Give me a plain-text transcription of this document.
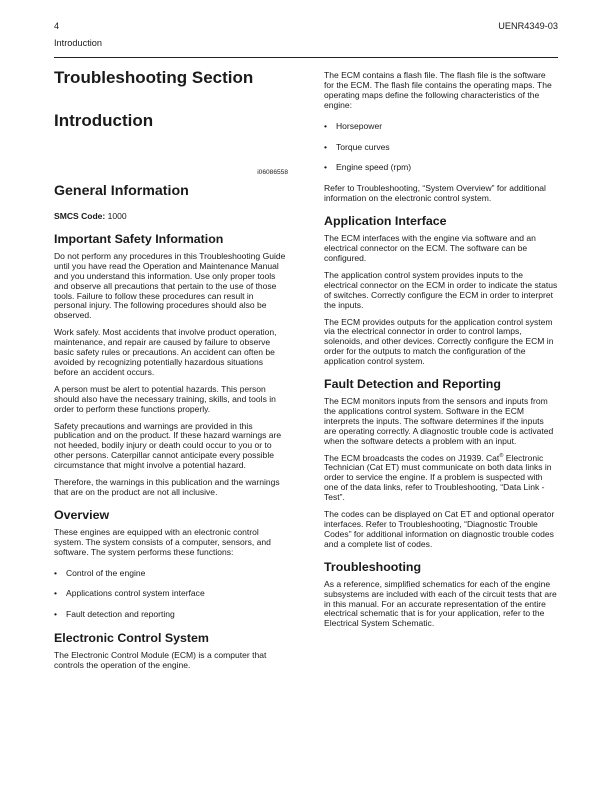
4	UENR4349-03
Introduction
Troubleshooting Section
Introduction
i06086558
General Information

SMCS Code: 1000

Important Safety Information

Do not perform any procedures in this Troubleshooting Guide until you have read the Operation and Maintenance Manual and you understand this information. Use only proper tools and observe all precautions that pertain to the use of those tools. Failure to follow these procedures can result in personal injury. The following procedures should also be observed.

Work safely. Most accidents that involve product operation, maintenance, and repair are caused by failure to observe basic safety rules or precautions. An accident can often be avoided by recognizing potentially hazardous situations before an accident occurs.

A person must be alert to potential hazards. This person should also have the necessary training, skills, and tools in order to perform these functions properly.

Safety precautions and warnings are provided in this publication and on the product. If these hazard warnings are not heeded, bodily injury or death could occur to you or to other persons. Caterpillar cannot anticipate every possible circumstance that might involve a potential hazard.

Therefore, the warnings in this publication and the warnings that are on the product are not all inclusive.

Overview

These engines are equipped with an electronic control system. The system consists of a computer, sensors, and software. The system performs these functions:

• Control of the engine
• Applications control system interface
• Fault detection and reporting
Electronic Control System

The Electronic Control Module (ECM) is a computer that controls the operation of the engine.

The ECM contains a flash file. The flash file is the software for the ECM. The flash file contains the operating maps. The operating maps define the following characteristics of the engine:

• Horsepower
• Torque curves
• Engine speed (rpm)

Refer to Troubleshooting, “System Overview” for additional information on the electronic control system.

Application Interface

The ECM interfaces with the engine via software and an electrical connector on the ECM. The software can be configured.

The application control system provides inputs to the electrical connector on the ECM in order to indicate the status of switches. Correctly configure the ECM in order to interpret the inputs.

The ECM provides outputs for the application control system via the electrical connector in order to control lamps, solenoids, and other devices. Correctly configure the ECM in order for the outputs to match the configuration of the application control system.

Fault Detection and Reporting

The ECM monitors inputs from the sensors and inputs from the applications control system. Software in the ECM interprets the inputs. The software determines if the inputs are operating correctly. A diagnostic trouble code is activated when the software detects a problem with an input.

The ECM broadcasts the codes on J1939. Cat® Electronic Technician (Cat ET) must communicate on both data links in order to service the engine. If a problem is suspected with one of the data links, refer to Troubleshooting, “Data Link - Test”.

The codes can be displayed on Cat ET and optional operator interfaces. Refer to Troubleshooting, “Diagnostic Trouble Codes” for additional information on diagnostic trouble codes and a complete list of codes.

Troubleshooting

As a reference, simplified schematics for each of the engine subsystems are included with each of the circuit tests that are in this manual. For an accurate representation of the entire electrical schematic that is for your application, refer to the Electrical System Schematic.
